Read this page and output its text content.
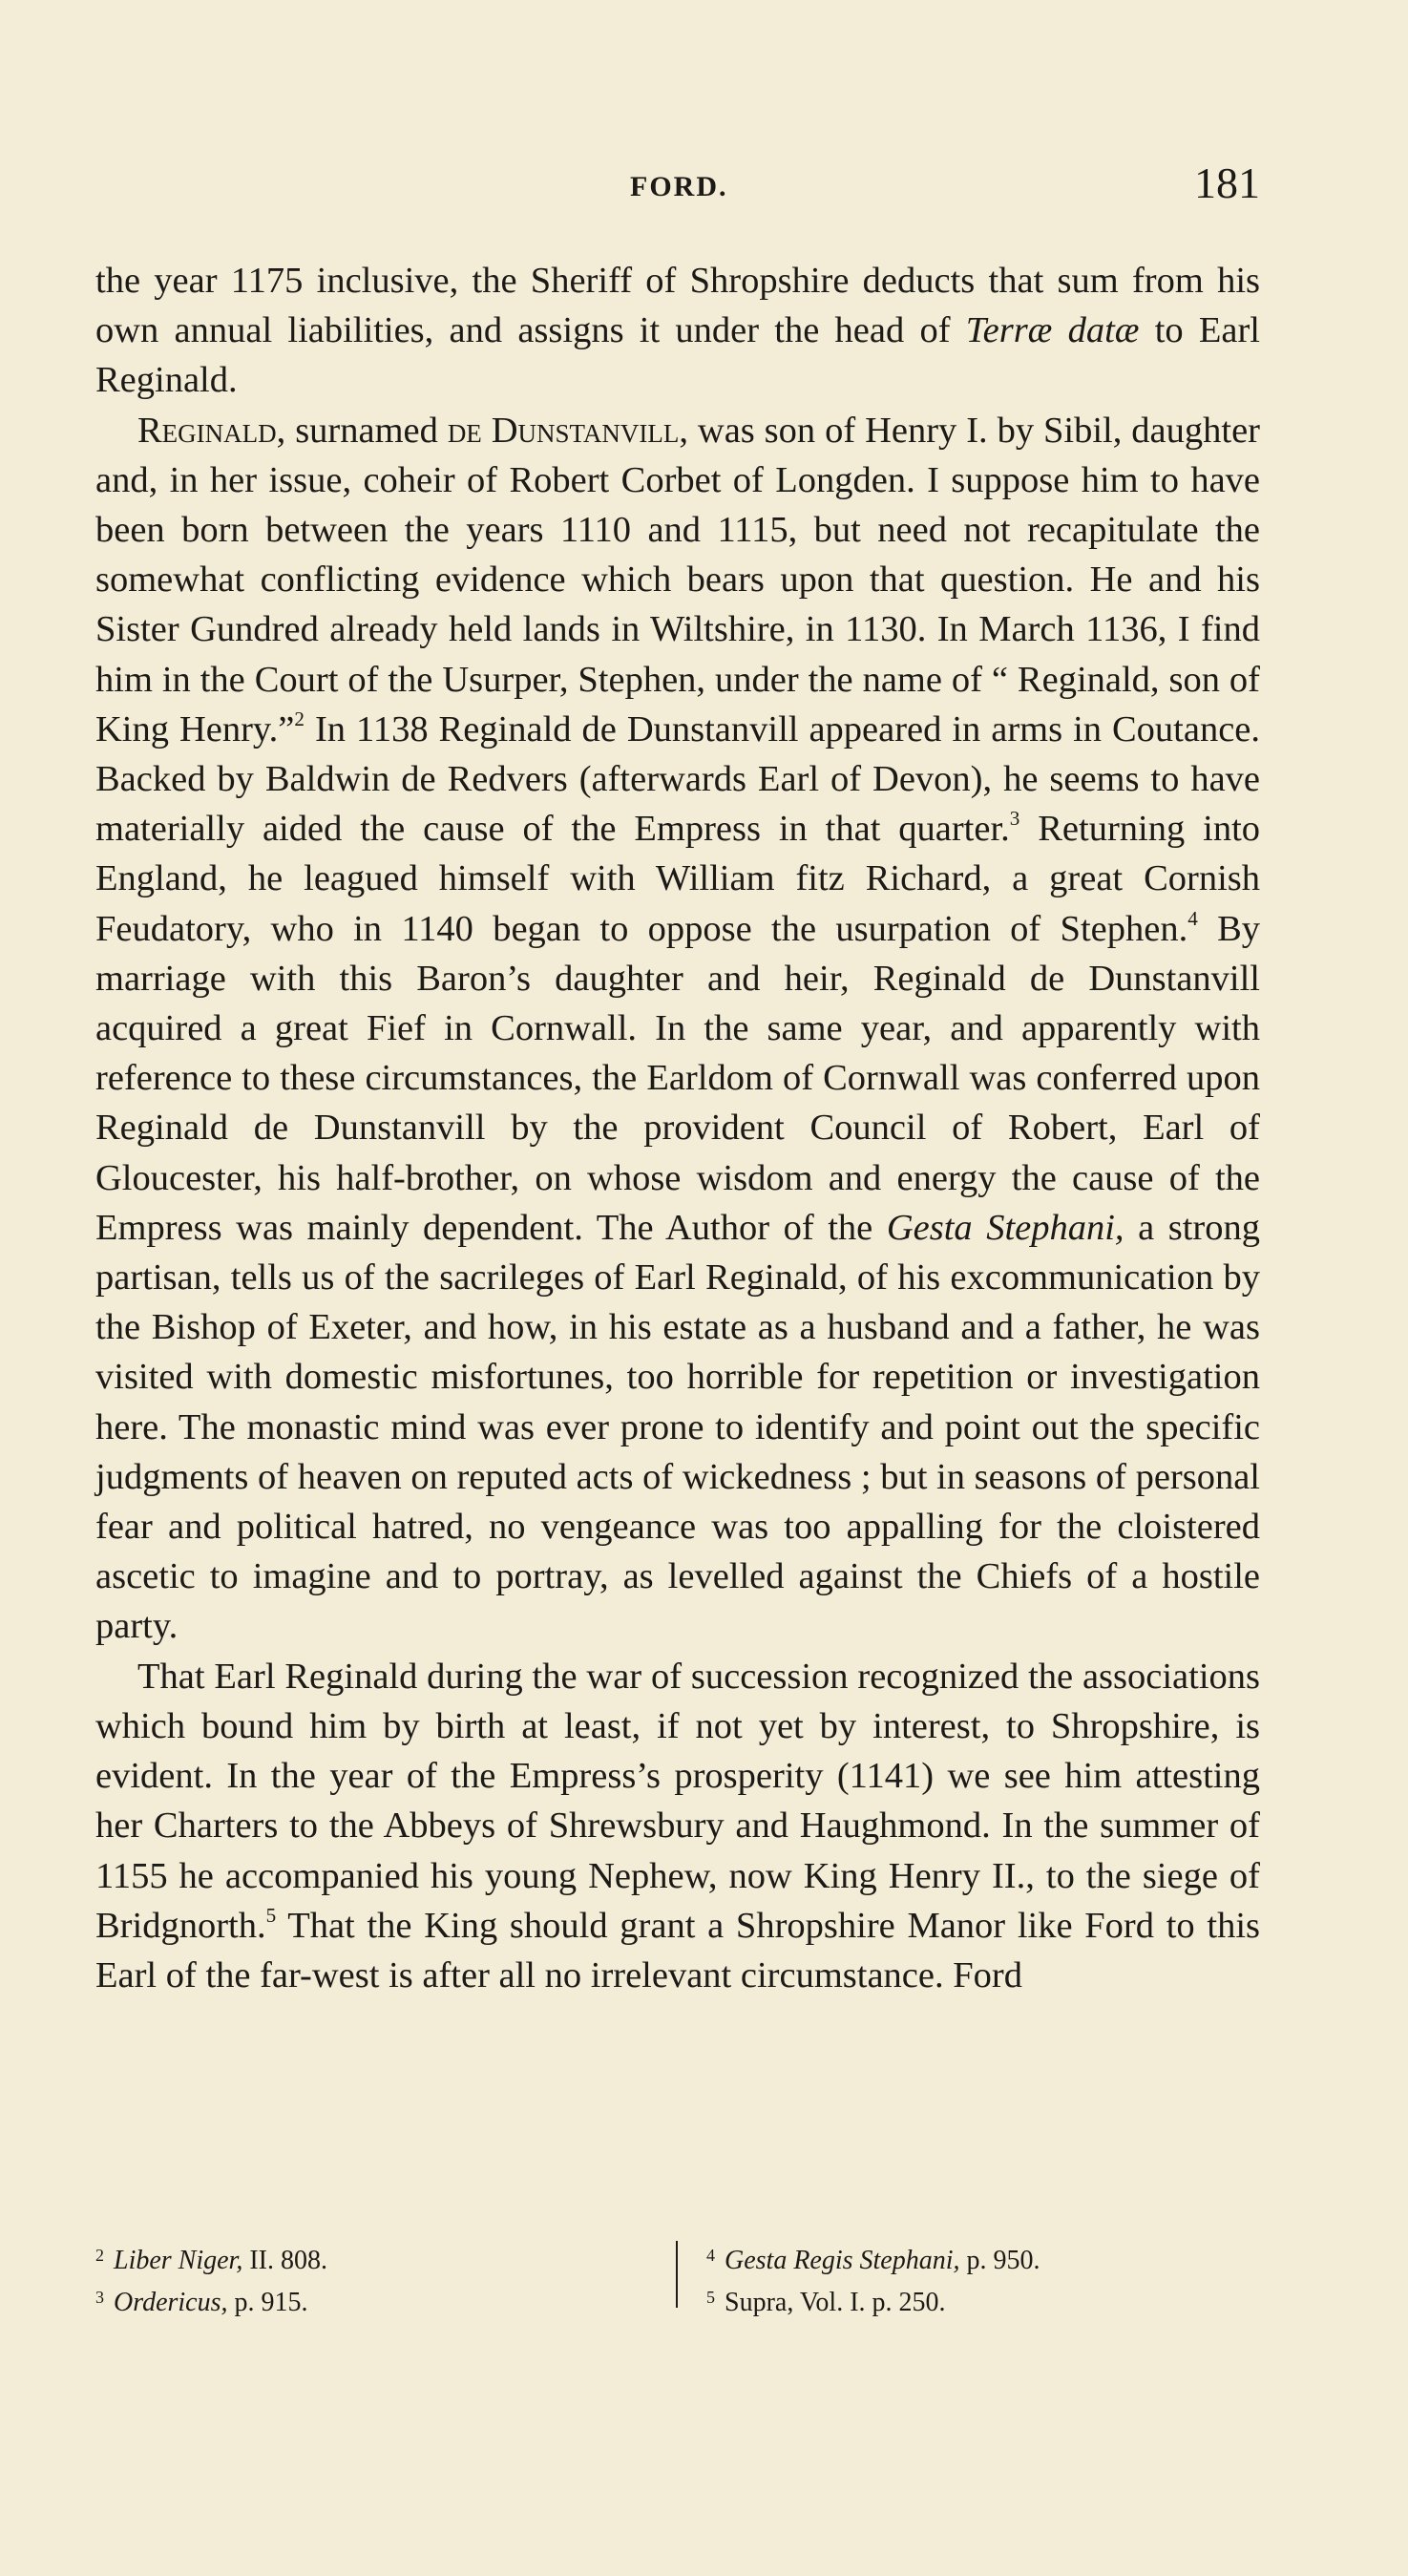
FORD.	181

the year 1175 inclusive, the Sheriff of Shropshire deducts that sum from his own annual liabilities, and assigns it under the head of Terræ datæ to Earl Reginald.

Reginald, surnamed de Dunstanvill, was son of Henry I. by Sibil, daughter and, in her issue, coheir of Robert Corbet of Longden. I suppose him to have been born between the years 1110 and 1115, but need not recapitulate the somewhat conflicting evidence which bears upon that question. He and his Sister Gundred already held lands in Wiltshire, in 1130. In March 1136, I find him in the Court of the Usurper, Stephen, under the name of “ Reginald, son of King Henry.”$^2$ In 1138 Reginald de Dunstanvill appeared in arms in Coutance. Backed by Baldwin de Redvers (afterwards Earl of Devon), he seems to have materially aided the cause of the Empress in that quarter.$^3$ Returning into England, he leagued himself with William fitz Richard, a great Cornish Feudatory, who in 1140 began to oppose the usurpation of Stephen.$^4$ By marriage with this Baron’s daughter and heir, Reginald de Dunstanvill acquired a great Fief in Cornwall. In the same year, and apparently with reference to these circumstances, the Earldom of Cornwall was conferred upon Reginald de Dunstanvill by the provident Council of Robert, Earl of Gloucester, his half-brother, on whose wisdom and energy the cause of the Empress was mainly dependent. The Author of the Gesta Stephani, a strong partisan, tells us of the sacrileges of Earl Reginald, of his excommunication by the Bishop of Exeter, and how, in his estate as a husband and a father, he was visited with domestic misfortunes, too horrible for repetition or investigation here. The monastic mind was ever prone to identify and point out the specific judgments of heaven on reputed acts of wickedness ; but in seasons of personal fear and political hatred, no vengeance was too appalling for the cloistered ascetic to imagine and to portray, as levelled against the Chiefs of a hostile party.

That Earl Reginald during the war of succession recognized the associations which bound him by birth at least, if not yet by interest, to Shropshire, is evident. In the year of the Empress’s prosperity (1141) we see him attesting her Charters to the Abbeys of Shrewsbury and Haughmond. In the summer of 1155 he accompanied his young Nephew, now King Henry II., to the siege of Bridgnorth.$^5$ That the King should grant a Shropshire Manor like Ford to this Earl of the far-west is after all no irrelevant circumstance. Ford

$^2$ Liber Niger, II. 808.

$^3$ Ordericus, p. 915.

$^4$ Gesta Regis Stephani, p. 950.

$^5$ Supra, Vol. I. p. 250.
